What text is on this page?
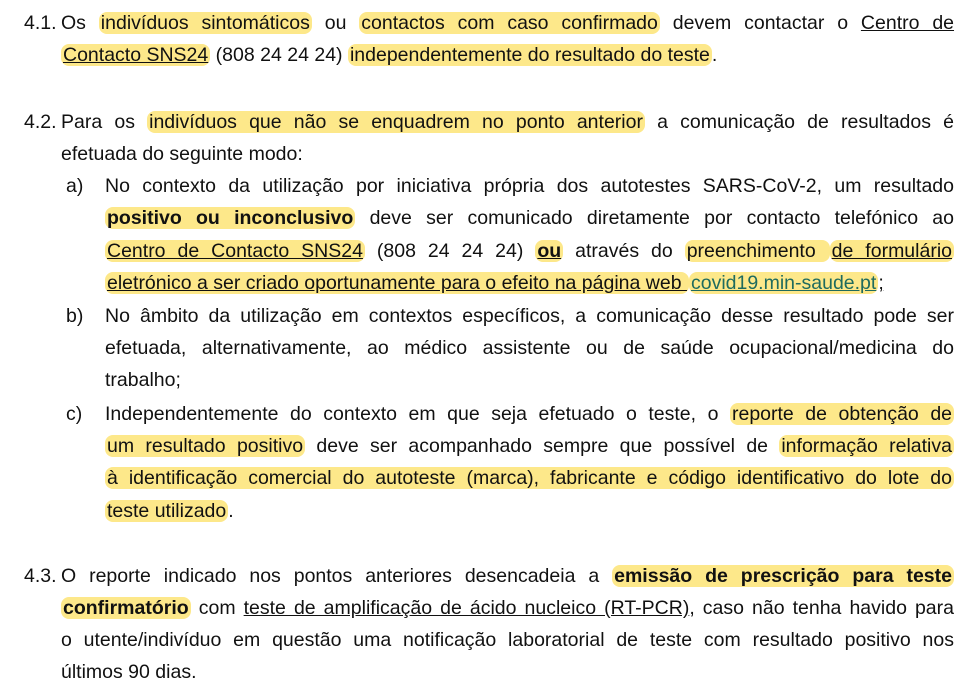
4.1. Os indivíduos sintomáticos ou contactos com caso confirmado devem contactar o Centro de
Contacto SNS24 (808 24 24 24) independentemente do resultado do teste .
4.2. Para os indivíduos que não se enquadrem no ponto anterior a comunicação de resultados é
efetuada do seguinte modo:
a) No contexto da utilização por iniciativa própria dos autotestes SARS-CoV-2, um resultado
positivo ou inconclusivo deve ser comunicado diretamente por contacto telefónico ao
Centro de Contacto SNS24 (808 24 24 24) ou através do preenchimento de formulário
eletrónico a ser criado oportunamente para o efeito na página web covid19.min-saude.pt ;
b) No âmbito da utilização em contextos específicos, a comunicação desse resultado pode ser
efetuada, alternativamente, ao médico assistente ou de saúde ocupacional/medicina do
trabalho;
c) Independentemente do contexto em que seja efetuado o teste, o reporte de obtenção de
um resultado positivo deve ser acompanhado sempre que possível de informação relativa
à identificação comercial do autoteste (marca), fabricante e código identificativo do lote do
teste utilizado .
4.3. O reporte indicado nos pontos anteriores desencadeia a emissão de prescrição para teste
confirmatório com teste de amplificação de ácido nucleico (RT-PCR), caso não tenha havido para
o utente/indivíduo em questão uma notificação laboratorial de teste com resultado positivo nos
últimos 90 dias.
